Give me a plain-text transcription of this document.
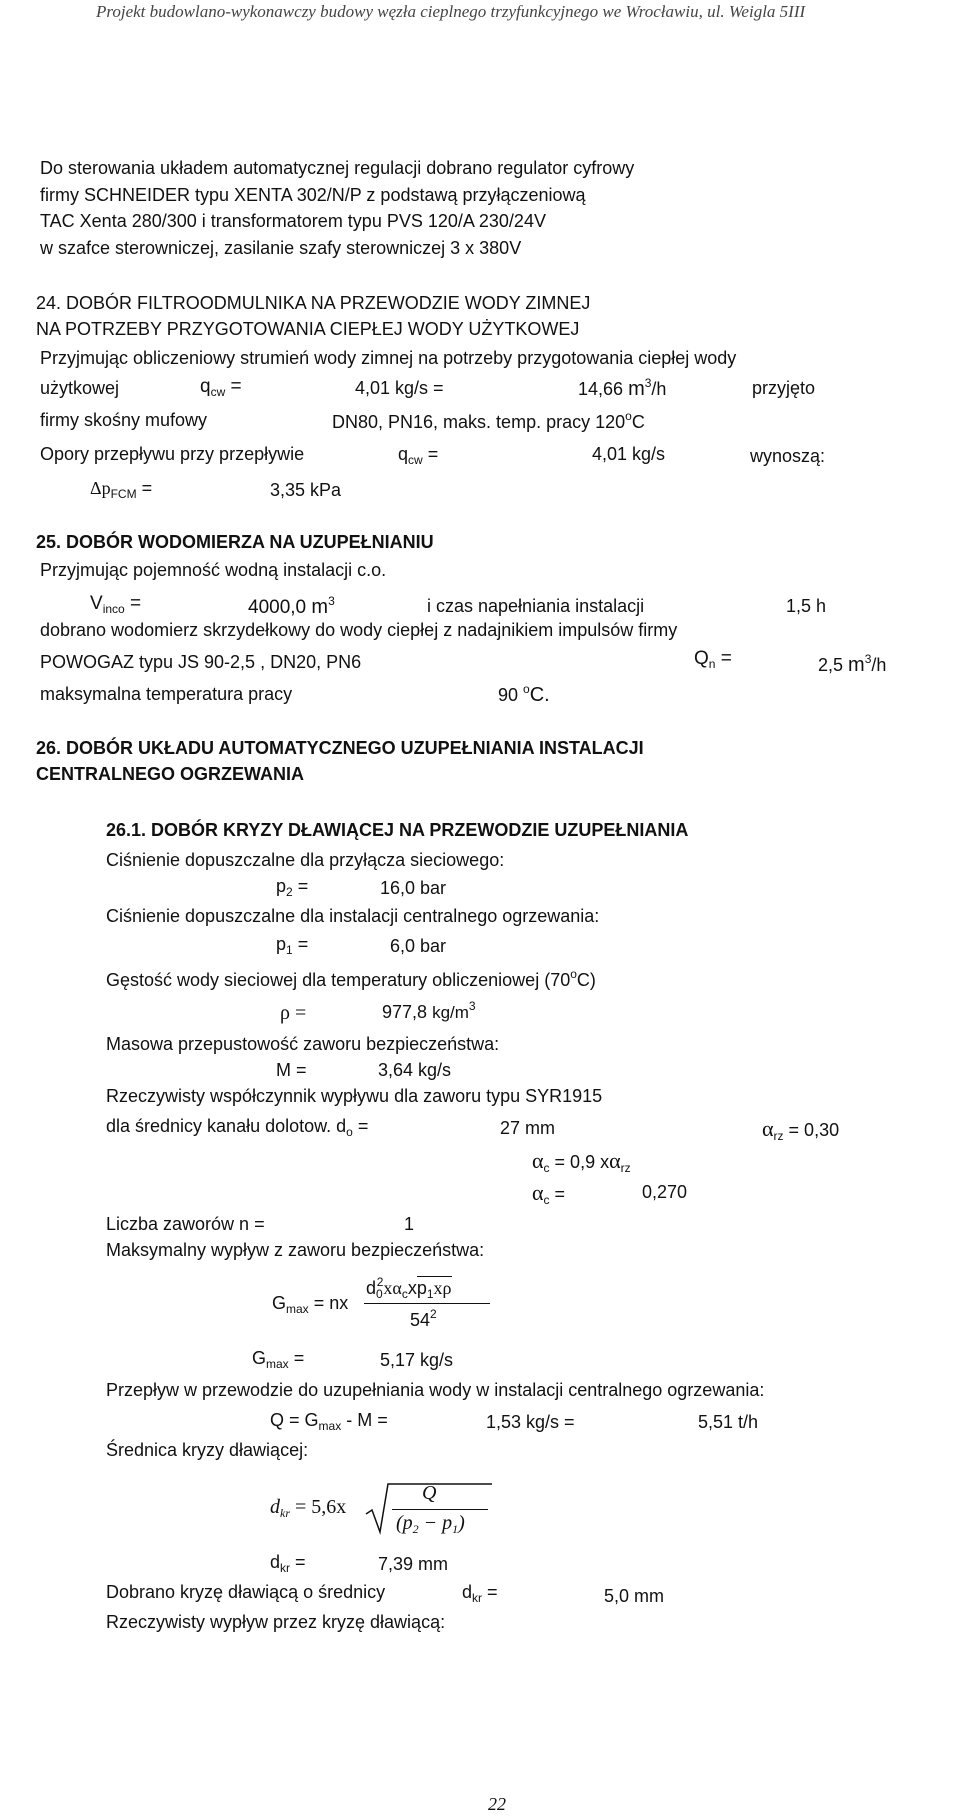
Projekt budowlano-wykonawczy budowy węzła cieplnego trzyfunkcyjnego we Wrocławiu, ul. Weigla 5III
Do sterowania układem automatycznej regulacji dobrano regulator cyfrowy
firmy SCHNEIDER typu XENTA 302/N/P z podstawą przyłączeniową
TAC Xenta 280/300 i transformatorem typu PVS 120/A 230/24V
w szafce sterowniczej, zasilanie szafy sterowniczej 3 x 380V
24. DOBÓR FILTROODMULNIKA NA PRZEWODZIE WODY ZIMNEJ
NA POTRZEBY PRZYGOTOWANIA CIEPŁEJ WODY UŻYTKOWEJ
Przyjmując obliczeniowy strumień wody zimnej na potrzeby przygotowania ciepłej wody
użytkowej	$q_{cw}$ =	4,01 kg/s =	14,66 $m^3/h$	przyjęto
firmy skośny mufowy	DN80, PN16, maks. temp. pracy 120$^o$C
Opory przepływu przy przepływie	$q_{cw}$ =	4,01 kg/s	wynoszą:
$\Delta p_{FCM}$ =	3,35 kPa
25. DOBÓR WODOMIERZA NA UZUPEŁNIANIU
Przyjmując pojemność wodną instalacji c.o.
$V_{inco}$ =	4000,0 $m^3$	i czas napełniania instalacji	1,5 h
dobrano wodomierz skrzydełkowy do wody ciepłej z nadajnikiem impulsów firmy
POWOGAZ typu JS 90-2,5 , DN20, PN6	$Q_n$ =	2,5 $m^3/h$
maksymalna temperatura pracy	90 $^o$C.
26. DOBÓR UKŁADU AUTOMATYCZNEGO UZUPEŁNIANIA INSTALACJI
CENTRALNEGO OGRZEWANIA
26.1. DOBÓR KRYZY DŁAWIĄCEJ NA PRZEWODZIE UZUPEŁNIANIA
Ciśnienie dopuszczalne dla przyłącza sieciowego:
$p_2$ =	16,0 bar
Ciśnienie dopuszczalne dla instalacji centralnego ogrzewania:
$p_1$ =	6,0 bar
Gęstość wody sieciowej dla temperatury obliczeniowej (70$^o$C)
ρ =	977,8 $kg/m^3$
Masowa przepustowość zaworu bezpieczeństwa:
M =	3,64 kg/s
Rzeczywisty współczynnik wypływu dla zaworu typu SYR1915
dla średnicy kanału dolotow. $d_o$ =	27 mm	$\alpha_{rz} = 0,30$
$\alpha_c = 0,9$ $x\alpha_{rz}$
$\alpha_c$ =	0,270
Liczba zaworów n =	1
Maksymalny wypływ z zaworu bezpieczeństwa:
$G_{max}$ = nx
$d_0^2x\alpha_cxp_1x\rho$
$54^2$
$G_{max}$ =	5,17 kg/s
Przepływ w przewodzie do uzupełniania wody w instalacji centralnego ogrzewania:
$Q = G_{max} - M$ =	1,53 kg/s =	5,51 t/h
Średnica kryzy dławiącej:
$d_{kr} = 5,6x$
Q
$(p_2 - p_1)$
$d_{kr}$ =	7,39 mm
Dobrano kryzę dławiącą o średnicy	$d_{kr}$ =	5,0 mm
Rzeczywisty wypływ przez kryzę dławiącą:
22
